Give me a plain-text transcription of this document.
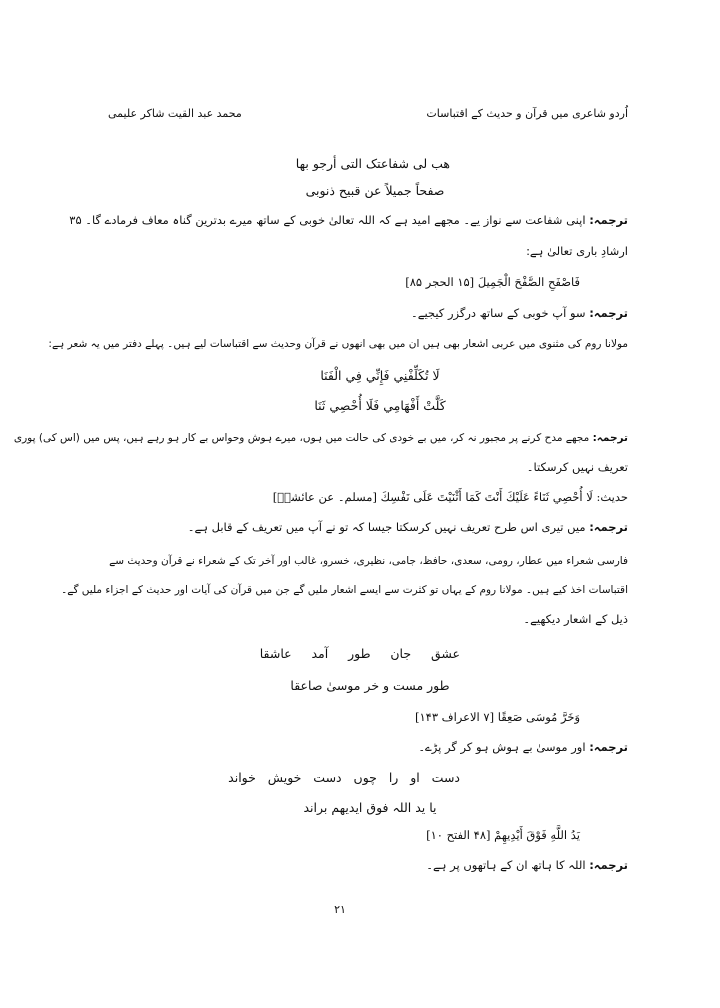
اُردو شاعری میں قرآن و حدیث کے اقتباسات
محمد عبد القیت شاکر علیمی
ھب لی شفاعتک التی أرجو بھا
صفحاً جمیلاً عن قبیح ذنوبی
ترجمہ: اپنی شفاعت سے نواز یے۔ مجھے امید ہے کہ اللہ تعالیٰ خوبی کے ساتھ میرے بدترین گناہ معاف فرمادے گا۔ ۳۵
ارشادِ باری تعالیٰ ہے:
فَاصْفَحِ الصَّفْحَ الْجَمِيلَ [۱۵ الحجر ۸۵]
ترجمہ: سو آپ خوبی کے ساتھ درگزر کیجیے۔
مولانا روم کی مثنوی میں عربی اشعار بھی ہیں ان میں بھی انھوں نے قرآن وحدیث سے اقتباسات لیے ہیں۔ پہلے دفتر میں یہ شعر ہے:
لَا تُكَلِّفْنِي فَإِنِّي فِي الْفَنَا
كَلَّتْ أَفْهَامِي فَلَا أُحْصِي ثَنَا
ترجمہ: مجھے مدح کرنے پر مجبور نہ کر، میں بے خودی کی حالت میں ہوں، میرے ہوش وحواس بے کار ہو رہے ہیں، پس میں (اس کی) پوری
تعریف نہیں کرسکتا۔
حدیث: لَا أُحْصِي ثَنَاءً عَلَيْكَ أَنْتَ كَمَا أَثْنَيْتَ عَلَى نَفْسِكَ [مسلم۔ عن عائشہؓ]
ترجمہ: میں تیری اس طرح تعریف نہیں کرسکتا جیسا کہ تو نے آپ میں تعریف کے قابل ہے۔
فارسی شعراء میں عطار، رومی، سعدی، حافظ، جامی، نظیری، خسرو، غالب اور آخر تک کے شعراء نے قرآن وحدیث سے
اقتباسات اخذ کیے ہیں۔ مولانا روم کے یہاں تو کثرت سے ایسے اشعار ملیں گے جن میں قرآن کی آیات اور حدیث کے اجزاء ملیں گے۔
ذیل کے اشعار دیکھیے۔
عشق     جان     طور     آمد     عاشقا
طور مست و خر موسیٰ صاعقا
وَخَرَّ مُوسَى صَعِقًا [۷ الاعراف ۱۴۳]
ترجمہ: اور موسیٰ بے ہوش ہو کر گر پڑے۔
دست   او   را   چوں   دست   خویش   خواند
یا ید اللہ فوق ایدیھم براند
يَدُ اللَّهِ فَوْقَ أَيْدِيهِمْ [۴۸ الفتح ۱۰]
ترجمہ: اللہ کا ہاتھ ان کے ہاتھوں پر ہے۔
۲۱
